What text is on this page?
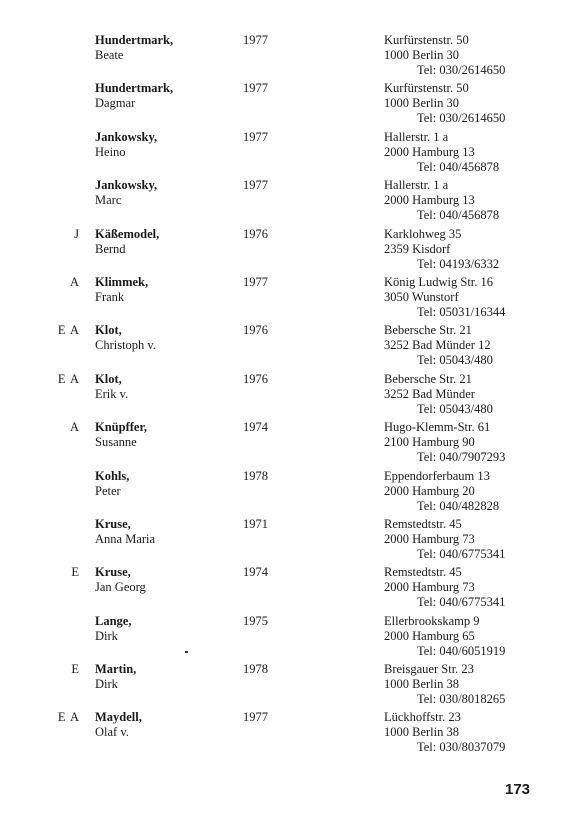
Hundertmark,
Beate
1977	Kurfürstenstr. 50
1000 Berlin 30
Tel: 030/2614650
Hundertmark,
Dagmar
1977	Kurfürstenstr. 50
1000 Berlin 30
Tel: 030/2614650
Jankowsky,
Heino
1977	Hallerstr. 1 a
2000 Hamburg 13
Tel: 040/456878
Jankowsky,
Marc
1977	Hallerstr. 1 a
2000 Hamburg 13
Tel: 040/456878
J Käßemodel,
Bernd
1976	Karklohweg 35
2359 Kisdorf
Tel: 04193/6332
A Klimmek,
Frank
1977	König Ludwig Str. 16
3050 Wunstorf
Tel: 05031/16344
E A Klot,
Christoph v.
1976	Bebersche Str. 21
3252 Bad Münder 12
Tel: 05043/480
E A Klot,
Erik v.
1976	Bebersche Str. 21
3252 Bad Münder
Tel: 05043/480
A Knüpffer,
Susanne
1974	Hugo-Klemm-Str. 61
2100 Hamburg 90
Tel: 040/7907293
Kohls,
Peter
1978	Eppendorferbaum 13
2000 Hamburg 20
Tel: 040/482828
Kruse,
Anna Maria
1971	Remstedtstr. 45
2000 Hamburg 73
Tel: 040/6775341
E Kruse,
Jan Georg
1974	Remstedtstr. 45
2000 Hamburg 73
Tel: 040/6775341
Lange,
Dirk
1975	Ellerbrookskamp 9
2000 Hamburg 65
Tel: 040/6051919
E Martin,
Dirk
1978	Breisgauer Str. 23
1000 Berlin 38
Tel: 030/8018265
E A Maydell,
Olaf v.
1977	Lückhoffstr. 23
1000 Berlin 38
Tel: 030/8037079
173
